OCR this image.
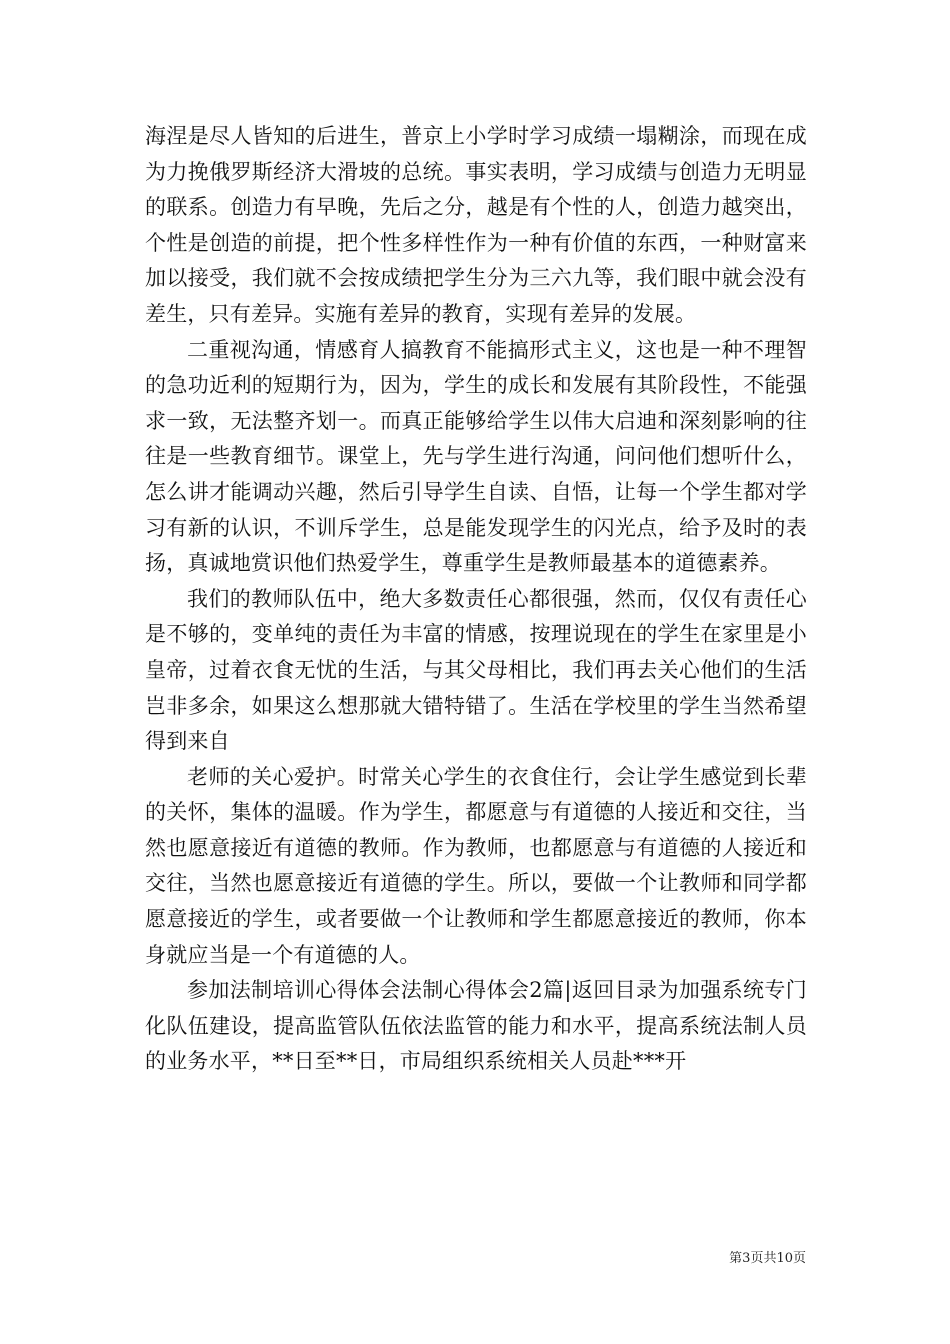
海涅是尽人皆知的后进生，普京上小学时学习成绩一塌糊涂，而现在成为力挽俄罗斯经济大滑坡的总统。事实表明，学习成绩与创造力无明显的联系。创造力有早晚，先后之分，越是有个性的人，创造力越突出，个性是创造的前提，把个性多样性作为一种有价值的东西，一种财富来加以接受，我们就不会按成绩把学生分为三六九等，我们眼中就会没有差生，只有差异。实施有差异的教育，实现有差异的发展。

二重视沟通，情感育人搞教育不能搞形式主义，这也是一种不理智的急功近利的短期行为，因为，学生的成长和发展有其阶段性，不能强求一致，无法整齐划一。而真正能够给学生以伟大启迪和深刻影响的往往是一些教育细节。课堂上，先与学生进行沟通，问问他们想听什么，怎么讲才能调动兴趣，然后引导学生自读、自悟，让每一个学生都对学习有新的认识，不训斥学生，总是能发现学生的闪光点，给予及时的表扬，真诚地赏识他们热爱学生，尊重学生是教师最基本的道德素养。

我们的教师队伍中，绝大多数责任心都很强，然而，仅仅有责任心是不够的，变单纯的责任为丰富的情感，按理说现在的学生在家里是小皇帝，过着衣食无忧的生活，与其父母相比，我们再去关心他们的生活岂非多余，如果这么想那就大错特错了。生活在学校里的学生当然希望得到来自

老师的关心爱护。时常关心学生的衣食住行，会让学生感觉到长辈的关怀，集体的温暖。作为学生，都愿意与有道德的人接近和交往，当然也愿意接近有道德的教师。作为教师，也都愿意与有道德的人接近和交往，当然也愿意接近有道德的学生。所以，要做一个让教师和同学都愿意接近的学生，或者要做一个让教师和学生都愿意接近的教师，你本身就应当是一个有道德的人。

参加法制培训心得体会法制心得体会2篇|返回目录为加强系统专门化队伍建设，提高监管队伍依法监管的能力和水平，提高系统法制人员的业务水平，**日至**日，市局组织系统相关人员赴***开

第3页共10页
